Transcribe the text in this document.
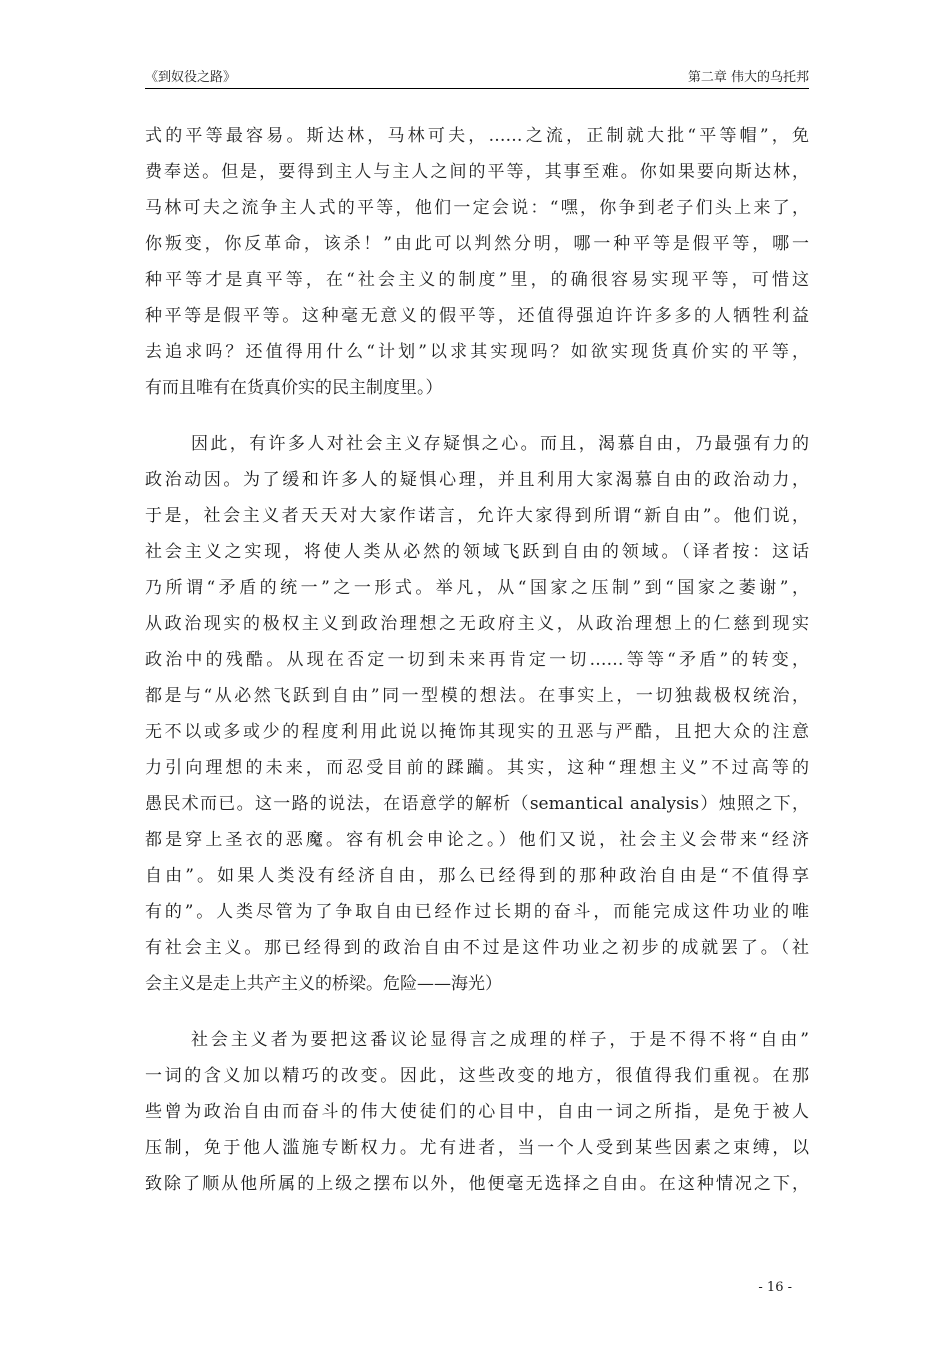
《到奴役之路》	第二章 伟大的乌托邦
式的平等最容易。斯达林，马林可夫，……之流，正制就大批“平等帽”，免
费奉送。但是，要得到主人与主人之间的平等，其事至难。你如果要向斯达林，
马林可夫之流争主人式的平等，他们一定会说：“嘿，你争到老子们头上来了，
你叛变，你反革命，该杀！”由此可以判然分明，哪一种平等是假平等，哪一
种平等才是真平等，在“社会主义的制度”里，的确很容易实现平等，可惜这
种平等是假平等。这种毫无意义的假平等，还值得强迫许许多多的人牺牲利益
去追求吗？还值得用什么“计划”以求其实现吗？如欲实现货真价实的平等，
有而且唯有在货真价实的民主制度里。）
因此，有许多人对社会主义存疑惧之心。而且，渴慕自由，乃最强有力的
政治动因。为了缓和许多人的疑惧心理，并且利用大家渴慕自由的政治动力，
于是，社会主义者天天对大家作诺言，允许大家得到所谓“新自由”。他们说，
社会主义之实现，将使人类从必然的领域飞跃到自由的领域。（译者按：这话
乃所谓“矛盾的统一”之一形式。举凡，从“国家之压制”到“国家之萎谢”，
从政治现实的极权主义到政治理想之无政府主义，从政治理想上的仁慈到现实
政治中的残酷。从现在否定一切到未来再肯定一切……等等“矛盾”的转变，
都是与“从必然飞跃到自由”同一型模的想法。在事实上，一切独裁极权统治，
无不以或多或少的程度利用此说以掩饰其现实的丑恶与严酷，且把大众的注意
力引向理想的未来，而忍受目前的蹂躏。其实，这种“理想主义”不过高等的
愚民术而已。这一路的说法，在语意学的解析（semantical analysis）烛照之下，
都是穿上圣衣的恶魔。容有机会申论之。）他们又说，社会主义会带来“经济
自由”。如果人类没有经济自由，那么已经得到的那种政治自由是“不值得享
有的”。人类尽管为了争取自由已经作过长期的奋斗，而能完成这件功业的唯
有社会主义。那已经得到的政治自由不过是这件功业之初步的成就罢了。（社
会主义是走上共产主义的桥梁。危险——海光）
社会主义者为要把这番议论显得言之成理的样子，于是不得不将“自由”
一词的含义加以精巧的改变。因此，这些改变的地方，很值得我们重视。在那
些曾为政治自由而奋斗的伟大使徒们的心目中，自由一词之所指，是免于被人
压制，免于他人滥施专断权力。尤有进者，当一个人受到某些因素之束缚，以
致除了顺从他所属的上级之摆布以外，他便毫无选择之自由。在这种情况之下，
- 16 -
